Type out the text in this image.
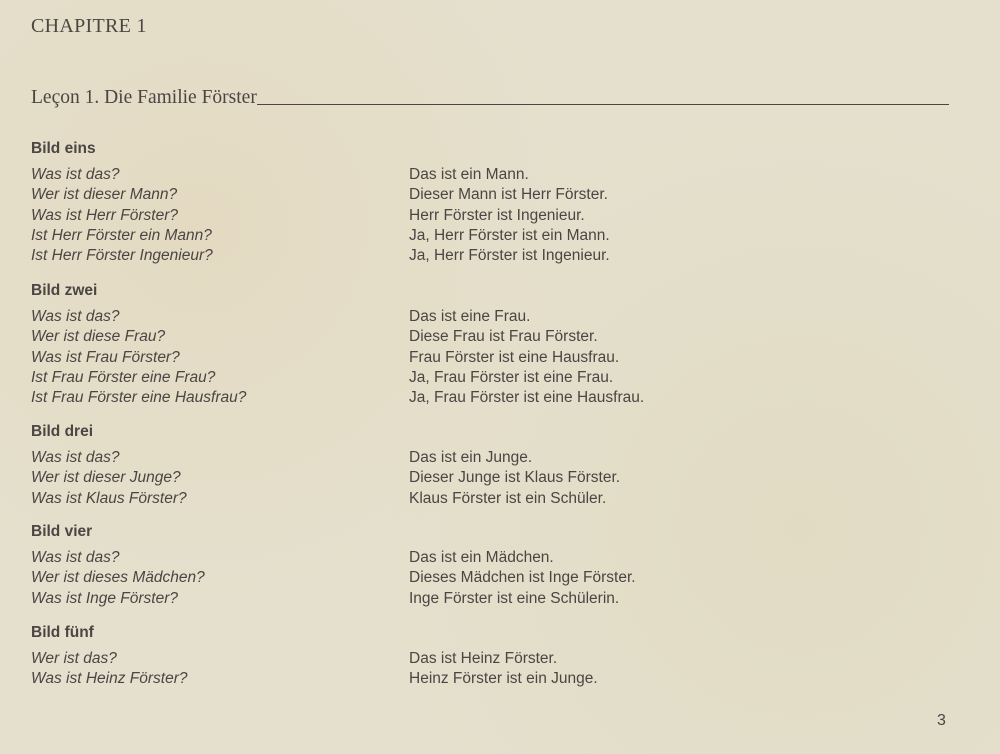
CHAPITRE 1
Leçon 1. Die Familie Förster
Bild eins
Was ist das?	Das ist ein Mann.
Wer ist dieser Mann?	Dieser Mann ist Herr Förster.
Was ist Herr Förster?	Herr Förster ist Ingenieur.
Ist Herr Förster ein Mann?	Ja, Herr Förster ist ein Mann.
Ist Herr Förster Ingenieur?	Ja, Herr Förster ist Ingenieur.
Bild zwei
Was ist das?	Das ist eine Frau.
Wer ist diese Frau?	Diese Frau ist Frau Förster.
Was ist Frau Förster?	Frau Förster ist eine Hausfrau.
Ist Frau Förster eine Frau?	Ja, Frau Förster ist eine Frau.
Ist Frau Förster eine Hausfrau?	Ja, Frau Förster ist eine Hausfrau.
Bild drei
Was ist das?	Das ist ein Junge.
Wer ist dieser Junge?	Dieser Junge ist Klaus Förster.
Was ist Klaus Förster?	Klaus Förster ist ein Schüler.
Bild vier
Was ist das?	Das ist ein Mädchen.
Wer ist dieses Mädchen?	Dieses Mädchen ist Inge Förster.
Was ist Inge Förster?	Inge Förster ist eine Schülerin.
Bild fünf
Wer ist das?	Das ist Heinz Förster.
Was ist Heinz Förster?	Heinz Förster ist ein Junge.
3
